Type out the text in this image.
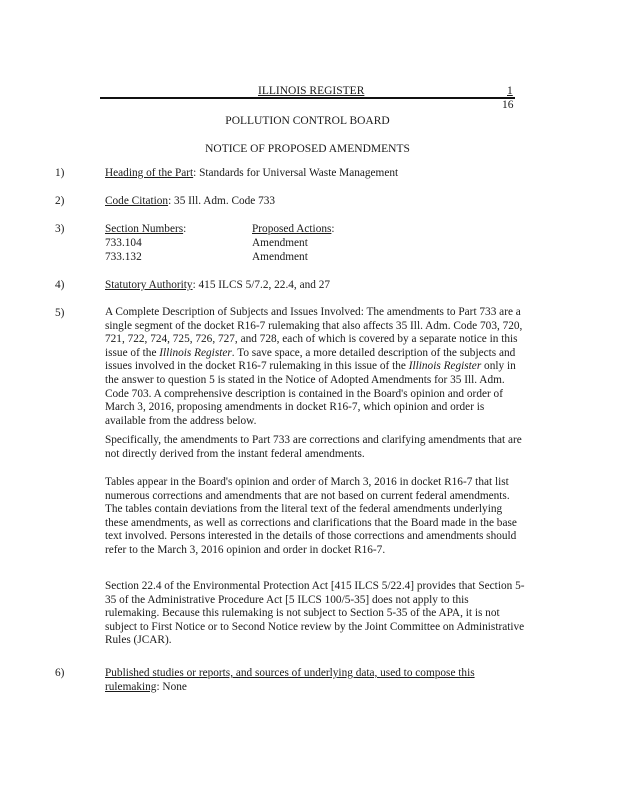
ILLINOIS REGISTER	1
16
POLLUTION CONTROL BOARD
NOTICE OF PROPOSED AMENDMENTS
1)	Heading of the Part: Standards for Universal Waste Management
2)	Code Citation: 35 Ill. Adm. Code 733
3)	Section Numbers:	Proposed Actions:
733.104	Amendment
733.132	Amendment
4)	Statutory Authority: 415 ILCS 5/7.2, 22.4, and 27
5)	A Complete Description of Subjects and Issues Involved: The amendments to Part 733 are a single segment of the docket R16-7 rulemaking that also affects 35 Ill. Adm. Code 703, 720, 721, 722, 724, 725, 726, 727, and 728, each of which is covered by a separate notice in this issue of the Illinois Register. To save space, a more detailed description of the subjects and issues involved in the docket R16-7 rulemaking in this issue of the Illinois Register only in the answer to question 5 is stated in the Notice of Adopted Amendments for 35 Ill. Adm. Code 703. A comprehensive description is contained in the Board's opinion and order of March 3, 2016, proposing amendments in docket R16-7, which opinion and order is available from the address below.
Specifically, the amendments to Part 733 are corrections and clarifying amendments that are not directly derived from the instant federal amendments.
Tables appear in the Board's opinion and order of March 3, 2016 in docket R16-7 that list numerous corrections and amendments that are not based on current federal amendments. The tables contain deviations from the literal text of the federal amendments underlying these amendments, as well as corrections and clarifications that the Board made in the base text involved. Persons interested in the details of those corrections and amendments should refer to the March 3, 2016 opinion and order in docket R16-7.
Section 22.4 of the Environmental Protection Act [415 ILCS 5/22.4] provides that Section 5-35 of the Administrative Procedure Act [5 ILCS 100/5-35] does not apply to this rulemaking. Because this rulemaking is not subject to Section 5-35 of the APA, it is not subject to First Notice or to Second Notice review by the Joint Committee on Administrative Rules (JCAR).
6)	Published studies or reports, and sources of underlying data, used to compose this
rulemaking: None
